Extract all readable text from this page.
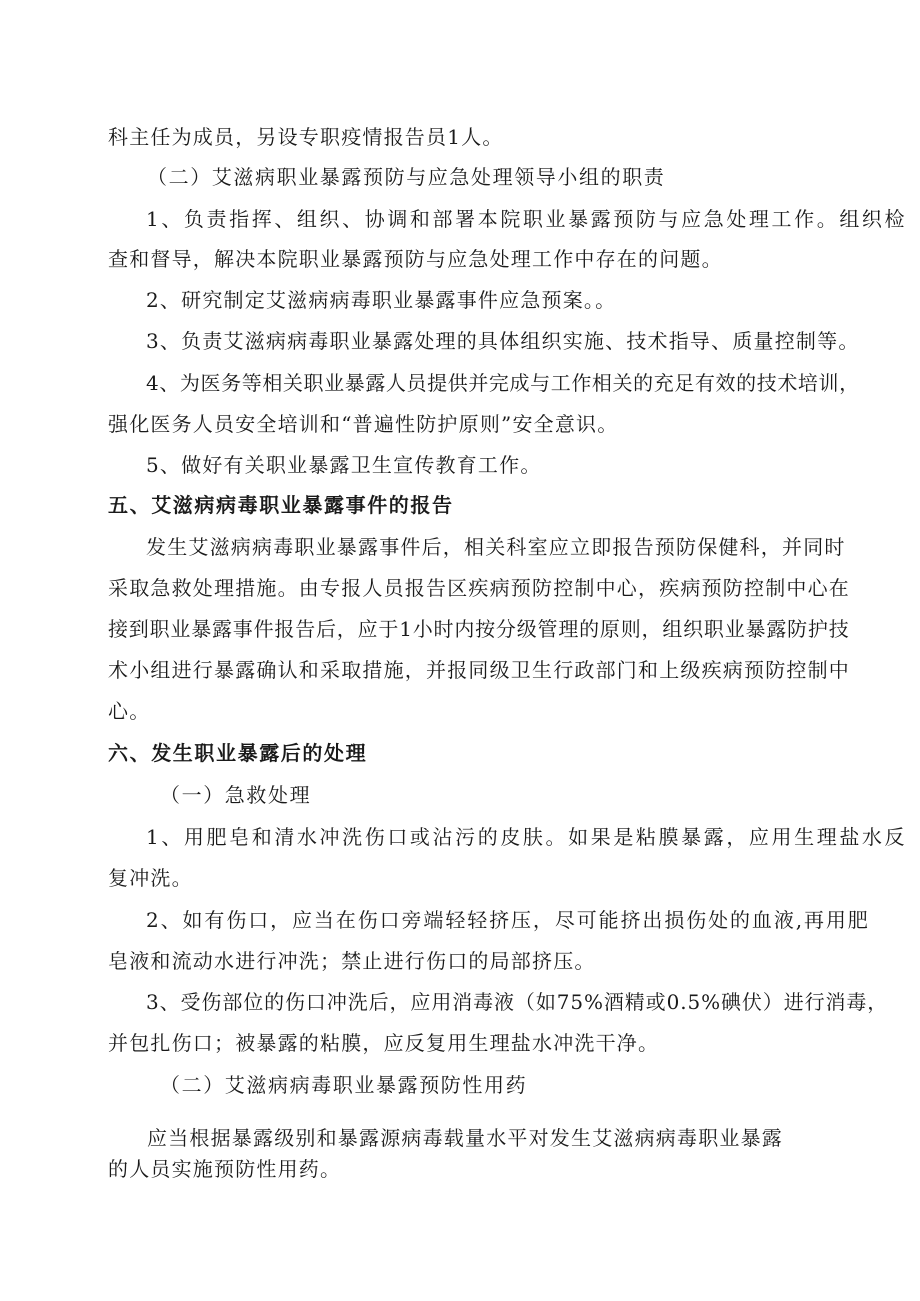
科主任为成员，另设专职疫情报告员1人。
（二）艾滋病职业暴露预防与应急处理领导小组的职责
1、负责指挥、组织、协调和部署本院职业暴露预防与应急处理工作。组织检
查和督导，解决本院职业暴露预防与应急处理工作中存在的问题。
2、研究制定艾滋病病毒职业暴露事件应急预案。。
3、负责艾滋病病毒职业暴露处理的具体组织实施、技术指导、质量控制等。
4、为医务等相关职业暴露人员提供并完成与工作相关的充足有效的技术培训，
强化医务人员安全培训和“普遍性防护原则”安全意识。
5、做好有关职业暴露卫生宣传教育工作。
五、艾滋病病毒职业暴露事件的报告
发生艾滋病病毒职业暴露事件后，相关科室应立即报告预防保健科，并同时
采取急救处理措施。由专报人员报告区疾病预防控制中心，疾病预防控制中心在
接到职业暴露事件报告后，应于1小时内按分级管理的原则，组织职业暴露防护技
术小组进行暴露确认和采取措施，并报同级卫生行政部门和上级疾病预防控制中
心。
六、发生职业暴露后的处理
（一）急救处理
1、用肥皂和清水冲洗伤口或沾污的皮肤。如果是粘膜暴露，应用生理盐水反
复冲洗。
2、如有伤口，应当在伤口旁端轻轻挤压，尽可能挤出损伤处的血液,再用肥
皂液和流动水进行冲洗；禁止进行伤口的局部挤压。
3、受伤部位的伤口冲洗后，应用消毒液（如75%酒精或0.5%碘伏）进行消毒，
并包扎伤口；被暴露的粘膜，应反复用生理盐水冲洗干净。
（二）艾滋病病毒职业暴露预防性用药
应当根据暴露级别和暴露源病毒载量水平对发生艾滋病病毒职业暴露
的人员实施预防性用药。
